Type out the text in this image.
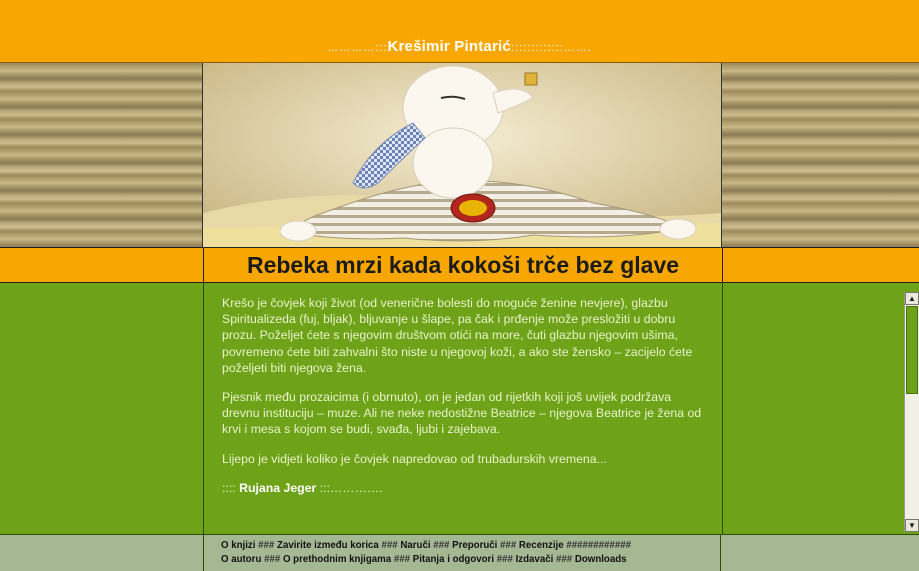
…………:::Krešimir Pintarić:::::::::::::…….
Rebeka mrzi kada kokoši trče bez glave

Krešo je čovjek koji život (od venerične bolesti do moguće ženine nevjere), glazbu Spiritualizeda (fuj, bljak), bljuvanje u šlape, pa čak i prđenje može presložiti u dobru prozu. Poželjet ćete s njegovim društvom otići na more, čuti glazbu njegovim ušima, povremeno ćete biti zahvalni što niste u njegovoj koži, a ako ste žensko – zacijelo ćete poželjeti biti njegova žena.

Pjesnik među prozaicima (i obrnuto), on je jedan od rijetkih koji još uvijek podržava drevnu instituciju – muze. Ali ne neke nedostižne Beatrice – njegova Beatrice je žena od krvi i mesa s kojom se budi, svađa, ljubi i zajebava.

Lijepo je vidjeti koliko je čovjek napredovao od trubadurskih vremena...

:::: Rujana Jeger :::………….

▲
▼
O knjizi ### Zavirite između korica ### Naruči ### Preporuči ### Recenzije ############
O autoru ### O prethodnim knjigama ### Pitanja i odgovori ### Izdavači ### Downloads
